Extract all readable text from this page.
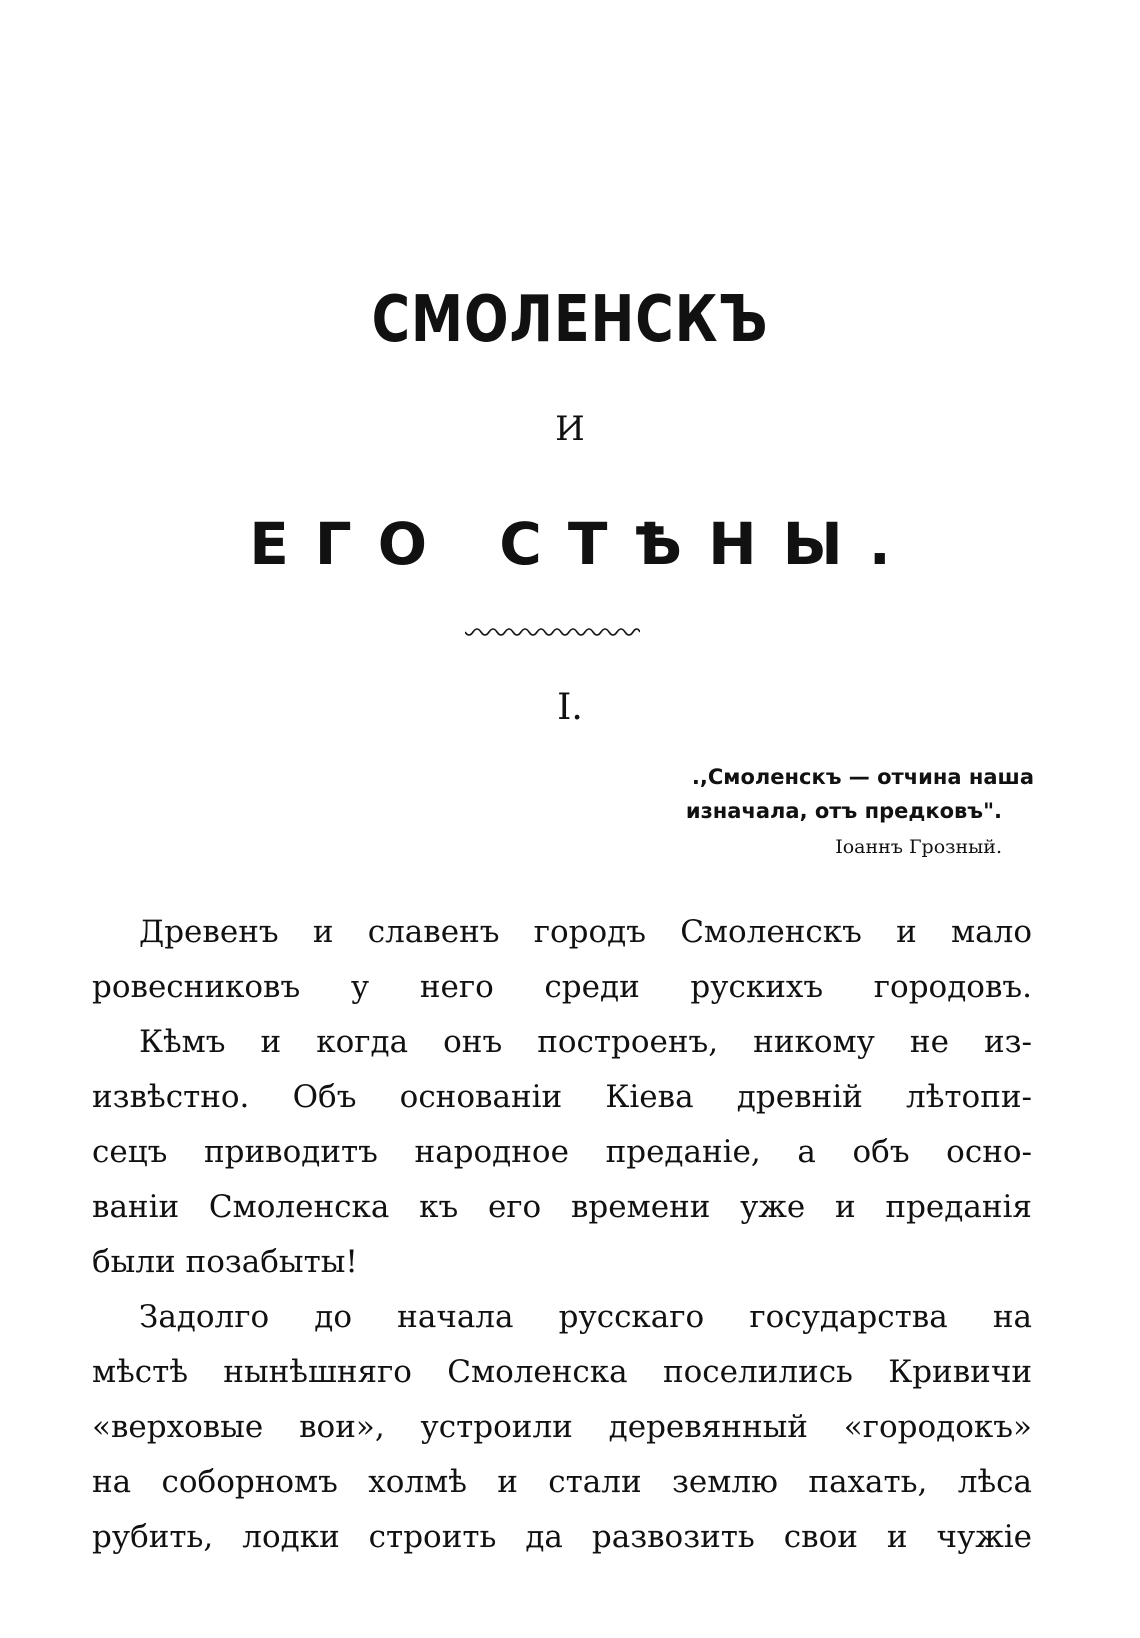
СМОЛЕНСКЪ
И
ЕГО СТѢНЫ.
I.
.,Смоленскъ — отчина наша
изначала, отъ предковъ".
Іоаннъ Грозный.
Древенъ и славенъ городъ Смоленскъ и мало
ровесниковъ у него среди рускихъ городовъ.
Кѣмъ и когда онъ построенъ, никому не из-
извѣстно. Объ основаніи Кіева древній лѣтопи-
сецъ приводитъ народное преданіе, а объ осно-
ваніи Смоленска къ его времени уже и преданія
были позабыты!
Задолго до начала русскаго государства на
мѣстѣ нынѣшняго Смоленска поселились Кривичи
«верховые вои», устроили деревянный «городокъ»
на соборномъ холмѣ и стали землю пахать, лѣса
рубить, лодки строить да развозить свои и чужіе
